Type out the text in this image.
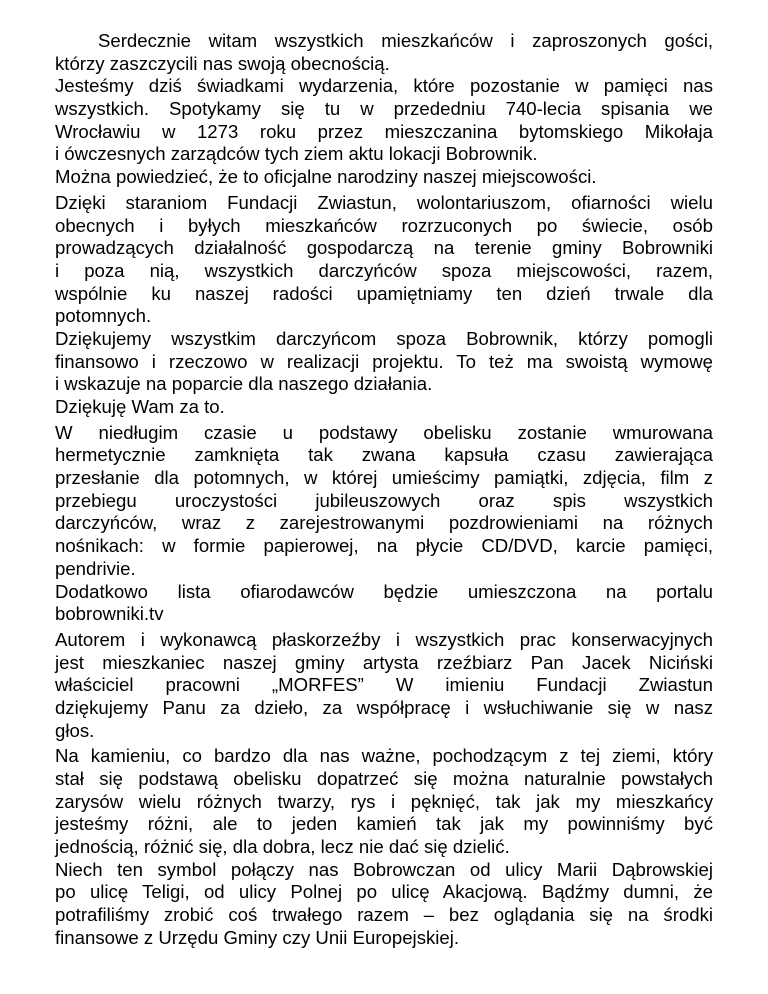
Serdecznie witam wszystkich mieszkańców i zaproszonych gości,
którzy zaszczycili nas swoją obecnością.
Jesteśmy dziś świadkami wydarzenia, które pozostanie w pamięci nas
wszystkich. Spotykamy się tu w przededniu 740-lecia spisania we
Wrocławiu w 1273 roku przez mieszczanina bytomskiego Mikołaja
i ówczesnych zarządców tych ziem aktu lokacji Bobrownik.
Można powiedzieć, że to oficjalne narodziny naszej miejscowości.
Dzięki staraniom Fundacji Zwiastun, wolontariuszom, ofiarności wielu
obecnych i byłych mieszkańców rozrzuconych po świecie, osób
prowadzących działalność gospodarczą na terenie gminy Bobrowniki
i poza nią, wszystkich darczyńców spoza miejscowości, razem,
wspólnie ku naszej radości upamiętniamy ten dzień trwale dla
potomnych.
Dziękujemy wszystkim darczyńcom spoza Bobrownik, którzy pomogli
finansowo i rzeczowo w realizacji projektu. To też ma swoistą wymowę
i wskazuje na poparcie dla naszego działania.
Dziękuję Wam za to.
W niedługim czasie u podstawy obelisku zostanie wmurowana
hermetycznie zamknięta tak zwana kapsuła czasu zawierająca
przesłanie dla potomnych, w której umieścimy pamiątki, zdjęcia, film z
przebiegu uroczystości jubileuszowych oraz spis wszystkich
darczyńców, wraz z zarejestrowanymi pozdrowieniami na różnych
nośnikach: w formie papierowej, na płycie CD/DVD, karcie pamięci,
pendrivie.
Dodatkowo lista ofiarodawców będzie umieszczona na portalu
bobrowniki.tv
Autorem i wykonawcą płaskorzeźby i wszystkich prac konserwacyjnych
jest mieszkaniec naszej gminy artysta rzeźbiarz Pan Jacek Niciński
właściciel pracowni „MORFES” W imieniu Fundacji Zwiastun
dziękujemy Panu za dzieło, za współpracę i wsłuchiwanie się w nasz
głos.
Na kamieniu, co bardzo dla nas ważne, pochodzącym z tej ziemi, który
stał się podstawą obelisku dopatrzeć się można naturalnie powstałych
zarysów wielu różnych twarzy, rys i pęknięć, tak jak my mieszkańcy
jesteśmy różni, ale to jeden kamień tak jak my powinniśmy być
jednością, różnić się, dla dobra, lecz nie dać się dzielić.
Niech ten symbol połączy nas Bobrowczan od ulicy Marii Dąbrowskiej
po ulicę Teligi, od ulicy Polnej po ulicę Akacjową. Bądźmy dumni, że
potrafiliśmy zrobić coś trwałego razem – bez oglądania się na środki
finansowe z Urzędu Gminy czy Unii Europejskiej.
